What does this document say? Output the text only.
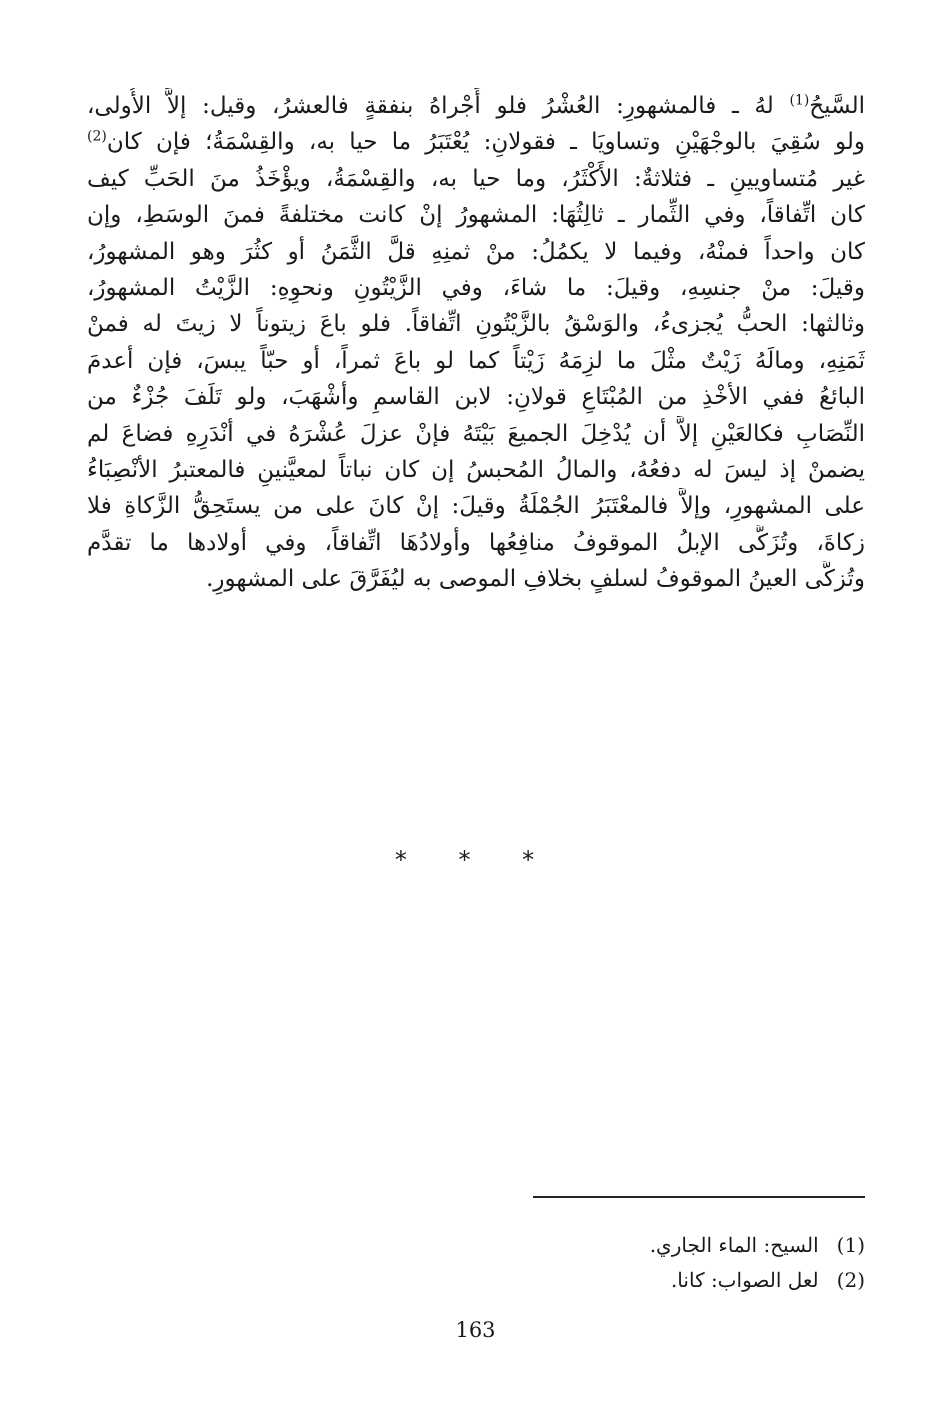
السَّيحُ$^{(1)}$ لهُ ـ فالمشهورِ: العُشْرُ فلو أَجْراهُ بنفقةٍ فالعشرُ، وقيل: إلاَّ الأُولى،
ولو سُقِيَ بالوجْهَيْنِ وتساويَا ـ فقولانِ: يُعْتَبَرُ ما حيا به، والقِسْمَةُ؛ فإن كان$^{(2)}$
غير مُتساويينِ ـ فثلاثةٌ: الأَكْثَرُ، وما حيا به، والقِسْمَةُ، ويؤْخَذُ منَ الحَبِّ كيف
كان اتِّفاقاً، وفي الثِّمار ـ ثالِثُهَا: المشهورُ إنْ كانت مختلفةً فمنَ الوسَطِ، وإن
كان واحداً فمنْهُ، وفيما لا يكمُلُ: منْ ثمنِهِ قلَّ الثَّمَنُ أو كثُرَ وهو المشهورُ،
وقيلَ: منْ جنسِهِ، وقيلَ: ما شاءَ، وفي الزَّيْتُونِ ونحوِهِ: الزَّيْتُ المشهورُ،
وثالثها: الحبُّ يُجزىءُ، والوَسْقُ بالزَّيْتُونِ اتِّفاقاً. فلو باعَ زيتوناً لا زيتَ له فمنْ
ثَمَنِهِ، ومالَهُ زَيْتٌ مثْلَ ما لزِمَهُ زَيْتاً كما لو باعَ ثمراً، أو حبّاً يبسَ، فإن أعدمَ
البائعُ ففي الأخْذِ من المُبْتَاعِ قولانِ: لابن القاسمِ وأشْهَبَ، ولو تَلَفَ جُزْءٌ من
النِّصَابِ فكالعَيْنِ إلاَّ أن يُدْخِلَ الجميعَ بَيْتَهُ فإنْ عزلَ عُشْرَهُ في أنْدَرِهِ فضاعَ لم
يضمنْ إذ ليسَ له دفعُهُ، والمالُ المُحبسُ إن كان نباتاً لمعيَّنينِ فالمعتبرُ الأنْصِبَاءُ
على المشهورِ، وإلاَّ فالمعْتَبَرُ الجُمْلَةُ وقيلَ: إنْ كانَ على من يستَحِقُّ الزَّكاةِ فلا
زكاةَ، وتُزَكَّى الإبلُ الموقوفُ منافِعُها وأولادُهَا اتِّفاقاً، وفي أولادها ما تقدَّم
وتُزكَّى العينُ الموقوفُ لسلفٍ بخلافِ الموصى به ليُفَرَّقَ على المشهورِ.
* * *
(1)السيح: الماء الجاري.
(2)لعل الصواب: كانا.
163
